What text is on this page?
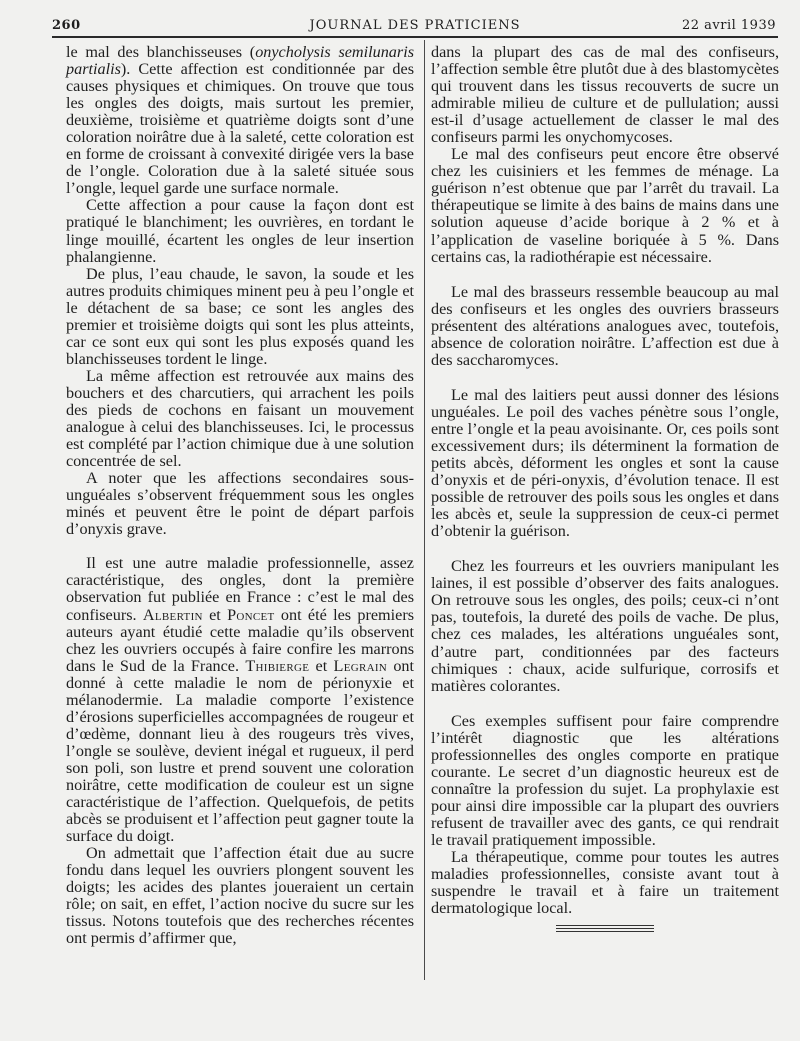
260	JOURNAL DES PRATICIENS	22 avril 1939

le mal des blanchisseuses (onycholysis semilunaris partialis). Cette affection est conditionnée par des causes physiques et chimiques. On trouve que tous les ongles des doigts, mais surtout les premier, deuxième, troisième et quatrième doigts sont d’une coloration noirâtre due à la saleté, cette coloration est en forme de croissant à convexité dirigée vers la base de l’ongle. Coloration due à la saleté située sous l’ongle, lequel garde une surface normale.

Cette affection a pour cause la façon dont est pratiqué le blanchiment; les ouvrières, en tordant le linge mouillé, écartent les ongles de leur insertion phalangienne.

De plus, l’eau chaude, le savon, la soude et les autres produits chimiques minent peu à peu l’ongle et le détachent de sa base; ce sont les angles des premier et troisième doigts qui sont les plus atteints, car ce sont eux qui sont les plus exposés quand les blanchisseuses tordent le linge.

La même affection est retrouvée aux mains des bouchers et des charcutiers, qui arrachent les poils des pieds de cochons en faisant un mouvement analogue à celui des blanchisseuses. Ici, le processus est complété par l’action chimique due à une solution concentrée de sel.

A noter que les affections secondaires sous-unguéales s’observent fréquemment sous les ongles minés et peuvent être le point de départ parfois d’onyxis grave.

Il est une autre maladie professionnelle, assez caractéristique, des ongles, dont la première observation fut publiée en France : c’est le mal des confiseurs. Albertin et Poncet ont été les premiers auteurs ayant étudié cette maladie qu’ils observent chez les ouvriers occupés à faire confire les marrons dans le Sud de la France. Thibierge et Legrain ont donné à cette maladie le nom de périonyxie et mélanodermie. La maladie comporte l’existence d’érosions superficielles accompagnées de rougeur et d’œdème, donnant lieu à des rougeurs très vives, l’ongle se soulève, devient inégal et rugueux, il perd son poli, son lustre et prend souvent une coloration noirâtre, cette modification de couleur est un signe caractéristique de l’affection. Quelquefois, de petits abcès se produisent et l’affection peut gagner toute la surface du doigt.

On admettait que l’affection était due au sucre fondu dans lequel les ouvriers plongent souvent les doigts; les acides des plantes joueraient un certain rôle; on sait, en effet, l’action nocive du sucre sur les tissus. Notons toutefois que des recherches récentes ont permis d’affirmer que,

dans la plupart des cas de mal des confiseurs, l’affection semble être plutôt due à des blastomycètes qui trouvent dans les tissus recouverts de sucre un admirable milieu de culture et de pullulation; aussi est-il d’usage actuellement de classer le mal des confiseurs parmi les onychomycoses.

Le mal des confiseurs peut encore être observé chez les cuisiniers et les femmes de ménage. La guérison n’est obtenue que par l’arrêt du travail. La thérapeutique se limite à des bains de mains dans une solution aqueuse d’acide borique à 2 % et à l’application de vaseline boriquée à 5 %. Dans certains cas, la radiothérapie est nécessaire.

Le mal des brasseurs ressemble beaucoup au mal des confiseurs et les ongles des ouvriers brasseurs présentent des altérations analogues avec, toutefois, absence de coloration noirâtre. L’affection est due à des saccharomyces.

Le mal des laitiers peut aussi donner des lésions unguéales. Le poil des vaches pénètre sous l’ongle, entre l’ongle et la peau avoisinante. Or, ces poils sont excessivement durs; ils déterminent la formation de petits abcès, déforment les ongles et sont la cause d’onyxis et de péri-onyxis, d’évolution tenace. Il est possible de retrouver des poils sous les ongles et dans les abcès et, seule la suppression de ceux-ci permet d’obtenir la guérison.

Chez les fourreurs et les ouvriers manipulant les laines, il est possible d’observer des faits analogues. On retrouve sous les ongles, des poils; ceux-ci n’ont pas, toutefois, la dureté des poils de vache. De plus, chez ces malades, les altérations unguéales sont, d’autre part, conditionnées par des facteurs chimiques : chaux, acide sulfurique, corrosifs et matières colorantes.

Ces exemples suffisent pour faire comprendre l’intérêt diagnostic que les altérations professionnelles des ongles comporte en pratique courante. Le secret d’un diagnostic heureux est de connaître la profession du sujet. La prophylaxie est pour ainsi dire impossible car la plupart des ouvriers refusent de travailler avec des gants, ce qui rendrait le travail pratiquement impossible.

La thérapeutique, comme pour toutes les autres maladies professionnelles, consiste avant tout à suspendre le travail et à faire un traitement dermatologique local.
